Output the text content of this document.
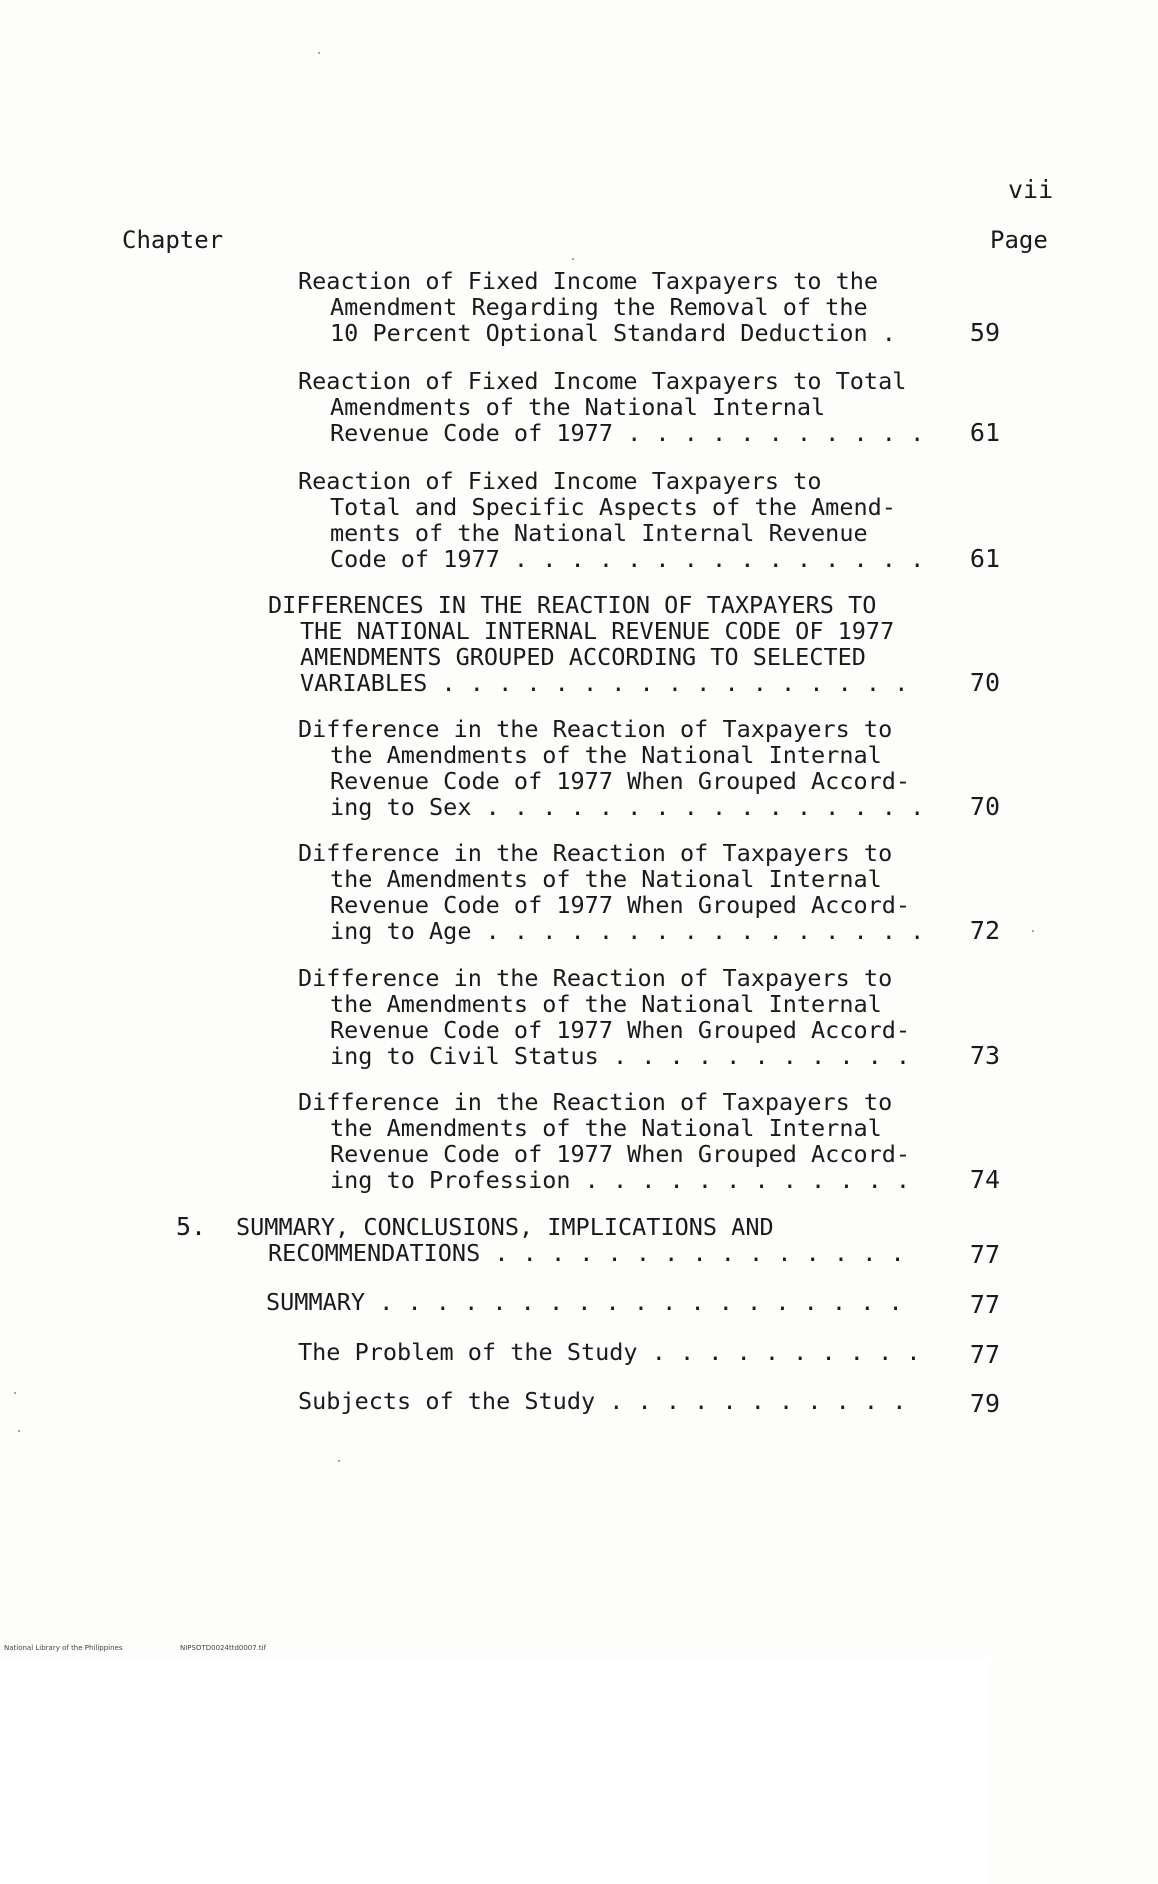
vii
Chapter	Page
Reaction of Fixed Income Taxpayers to the
Amendment Regarding the Removal of the
10 Percent Optional Standard Deduction .	59
Reaction of Fixed Income Taxpayers to Total
Amendments of the National Internal
Revenue Code of 1977 . . . . . . . . . . .	61
Reaction of Fixed Income Taxpayers to
Total and Specific Aspects of the Amend-
ments of the National Internal Revenue
Code of 1977 . . . . . . . . . . . . . . .	61
DIFFERENCES IN THE REACTION OF TAXPAYERS TO
THE NATIONAL INTERNAL REVENUE CODE OF 1977
AMENDMENTS GROUPED ACCORDING TO SELECTED
VARIABLES . . . . . . . . . . . . . . . . .	70
Difference in the Reaction of Taxpayers to
the Amendments of the National Internal
Revenue Code of 1977 When Grouped Accord-
ing to Sex . . . . . . . . . . . . . . . .	70
Difference in the Reaction of Taxpayers to
the Amendments of the National Internal
Revenue Code of 1977 When Grouped Accord-
ing to Age . . . . . . . . . . . . . . . .	72
Difference in the Reaction of Taxpayers to
the Amendments of the National Internal
Revenue Code of 1977 When Grouped Accord-
ing to Civil Status . . . . . . . . . . .	73
Difference in the Reaction of Taxpayers to
the Amendments of the National Internal
Revenue Code of 1977 When Grouped Accord-
ing to Profession . . . . . . . . . . . .	74
5. SUMMARY, CONCLUSIONS, IMPLICATIONS AND
RECOMMENDATIONS . . . . . . . . . . . . . . .	77
SUMMARY . . . . . . . . . . . . . . . . . . .	77
The Problem of the Study . . . . . . . . . .	77
Subjects of the Study . . . . . . . . . . .	79
National Library of the Philippines	NIPSOTD0024ttd0007.tif
